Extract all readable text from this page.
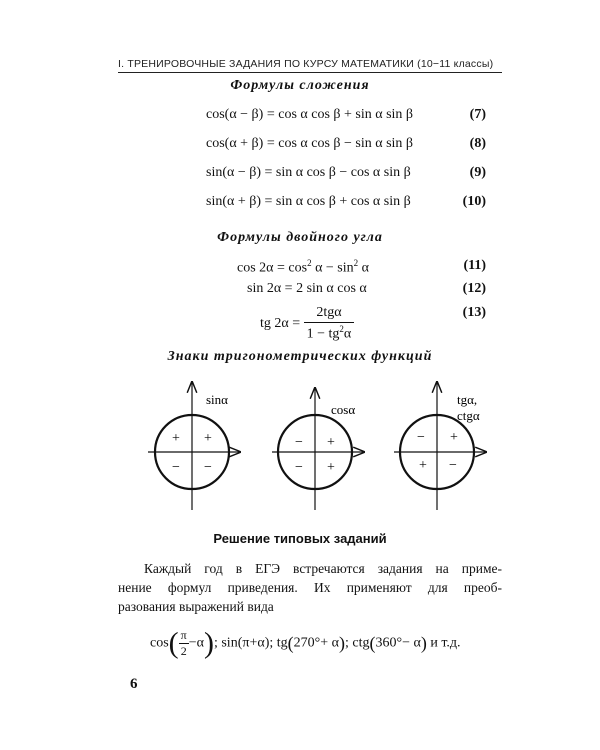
I. ТРЕНИРОВОЧНЫЕ ЗАДАНИЯ ПО КУРСУ МАТЕМАТИКИ (10−11 классы)
Формулы сложения
cos(α − β) = cos α cos β + sin α sin β	(7)
cos(α + β) = cos α cos β − sin α sin β	(8)
sin(α − β) = sin α cos β − cos α sin β	(9)
sin(α + β) = sin α cos β + cos α sin β	(10)
Формулы двойного угла
$\cos 2\alpha = \cos^2 \alpha - \sin^2 \alpha$	(11)
sin 2α = 2 sin α cos α	(12)
tg $2\alpha = \frac{\text{2tgα}}{1 - tg^2\alpha}$	(13)
Знаки тригонометрических функций
sinα
+
+
− −
cosα
+
−
− +
tgα,
ctgα
+
−
+ −
Решение типовых заданий
Каждый год в ЕГЭ встречаются задания на приме-
нение формул приведения. Их применяют для преоб-
разования выражений вида
$\cos( \frac{\pi}{2} -\alpha)$; sin(π+α); tg(270°+ α); ctg(360°− α) и т.д.
6
